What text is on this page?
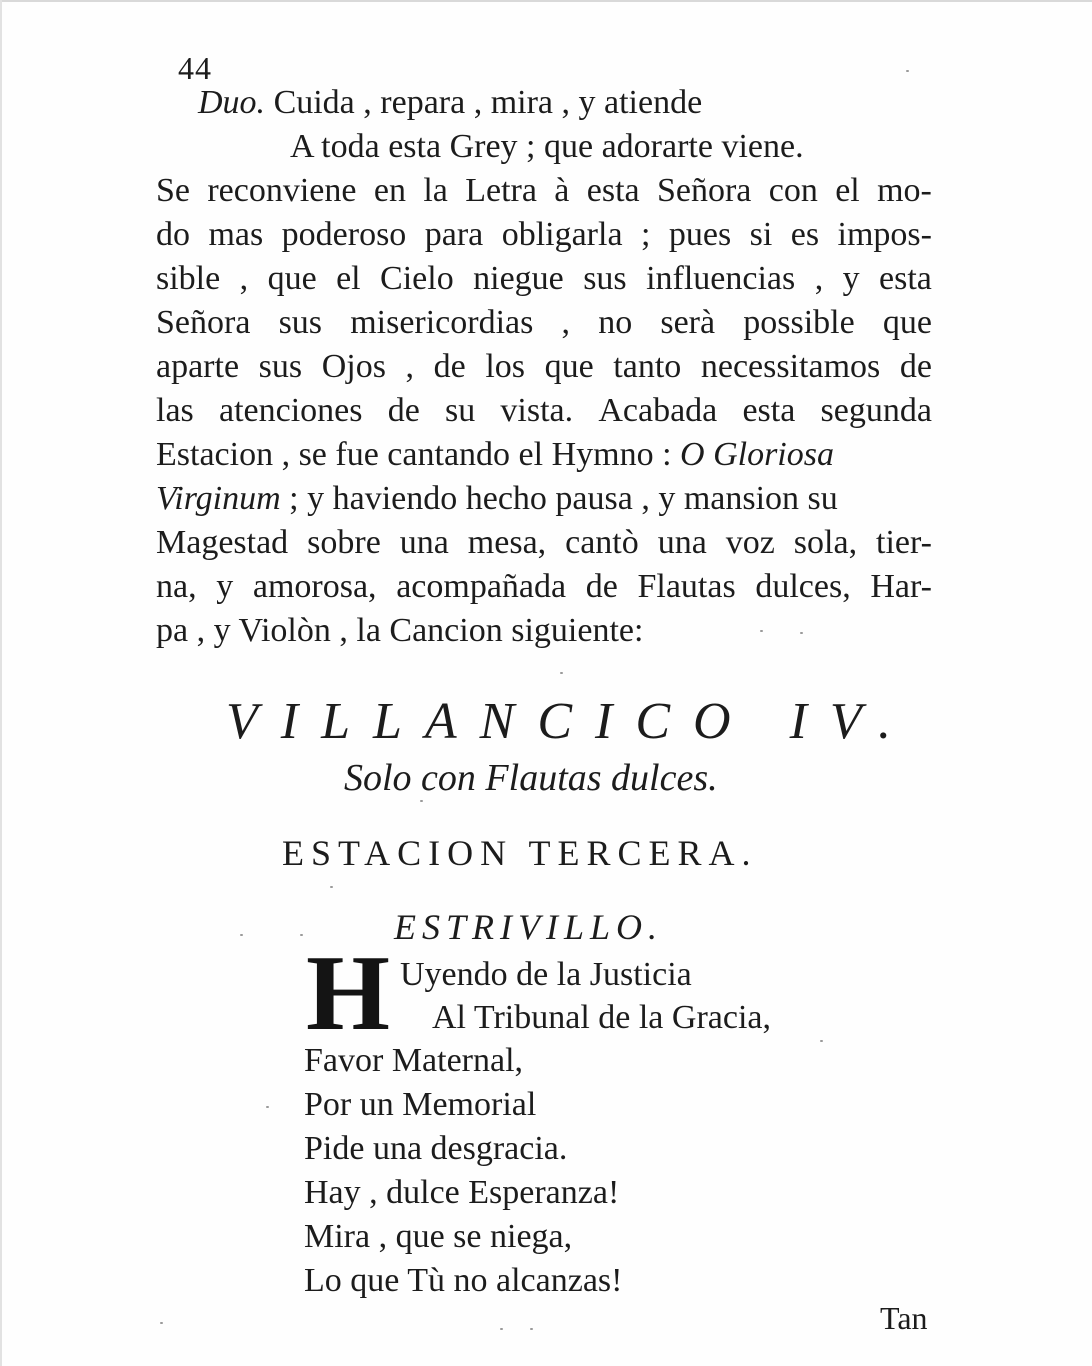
44
Duo. Cuida , repara , mira , y atiende
A toda esta Grey ; que adorarte viene.
Se reconviene en la Letra à esta Señora con el mo-
do mas poderoso para obligarla ; pues si es impos-
sible , que el Cielo niegue sus influencias , y esta
Señora sus misericordias , no serà possible que
aparte sus Ojos , de los que tanto necessitamos de
las atenciones de su vista. Acabada esta segunda
Estacion , se fue cantando el Hymno : O Gloriosa
Virginum ; y haviendo hecho pausa , y mansion su
Magestad sobre una mesa, cantò una voz sola, tier-
na, y amorosa, acompañada de Flautas dulces, Har-
pa , y Violòn , la Cancion siguiente:
VILLANCICO IV.
Solo con Flautas dulces.
ESTACION TERCERA.
ESTRIVILLO.
H Uyendo de la Justicia
Al Tribunal de la Gracia,
Favor Maternal,
Por un Memorial
Pide una desgracia.
Hay , dulce Esperanza!
Mira , que se niega,
Lo que Tù no alcanzas!
Tan
